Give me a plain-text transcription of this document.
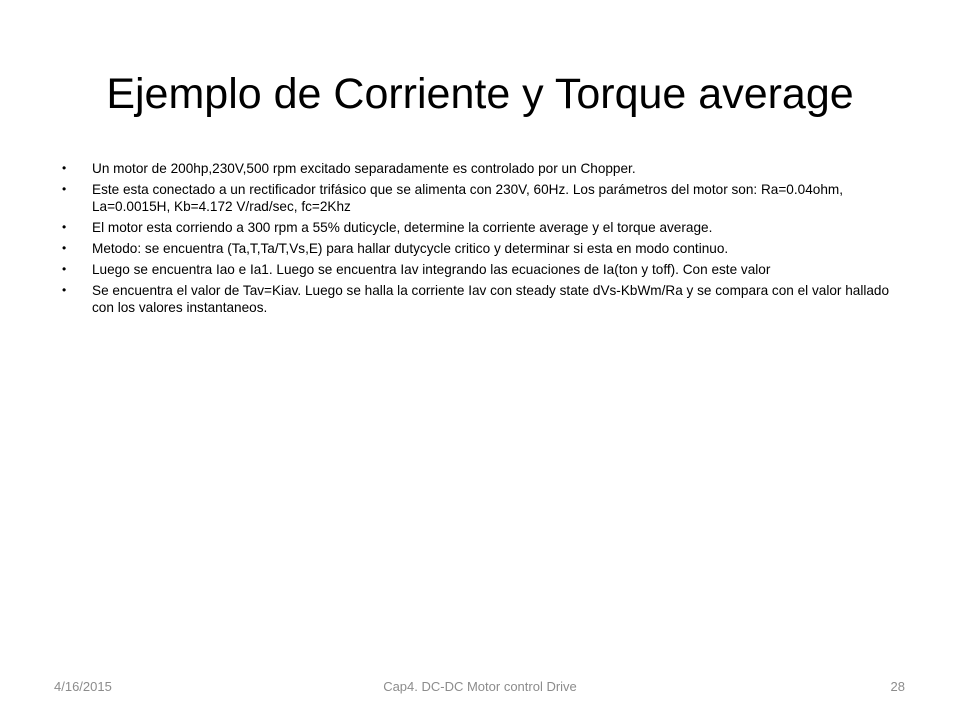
Ejemplo de Corriente y Torque average
•	Un motor de 200hp,230V,500 rpm excitado separadamente es controlado por un Chopper.
•	Este esta conectado a un rectificador trifásico que se alimenta con 230V, 60Hz. Los parámetros del motor son: Ra=0.04ohm, La=0.0015H, Kb=4.172 V/rad/sec, fc=2Khz
•	El motor esta corriendo a 300 rpm a 55% duticycle, determine la corriente average y el torque average.
•	Metodo: se encuentra (Ta,T,Ta/T,Vs,E) para hallar dutycycle critico y determinar si esta en modo continuo.
•	Luego se encuentra Iao e Ia1. Luego se encuentra Iav integrando las ecuaciones de Ia(ton y toff). Con este valor
•	Se encuentra el valor de Tav=Kiav. Luego se halla la corriente Iav con steady state dVs-KbWm/Ra y se compara con el valor hallado con los valores instantaneos.
4/16/2015	Cap4. DC-DC Motor control Drive	28
